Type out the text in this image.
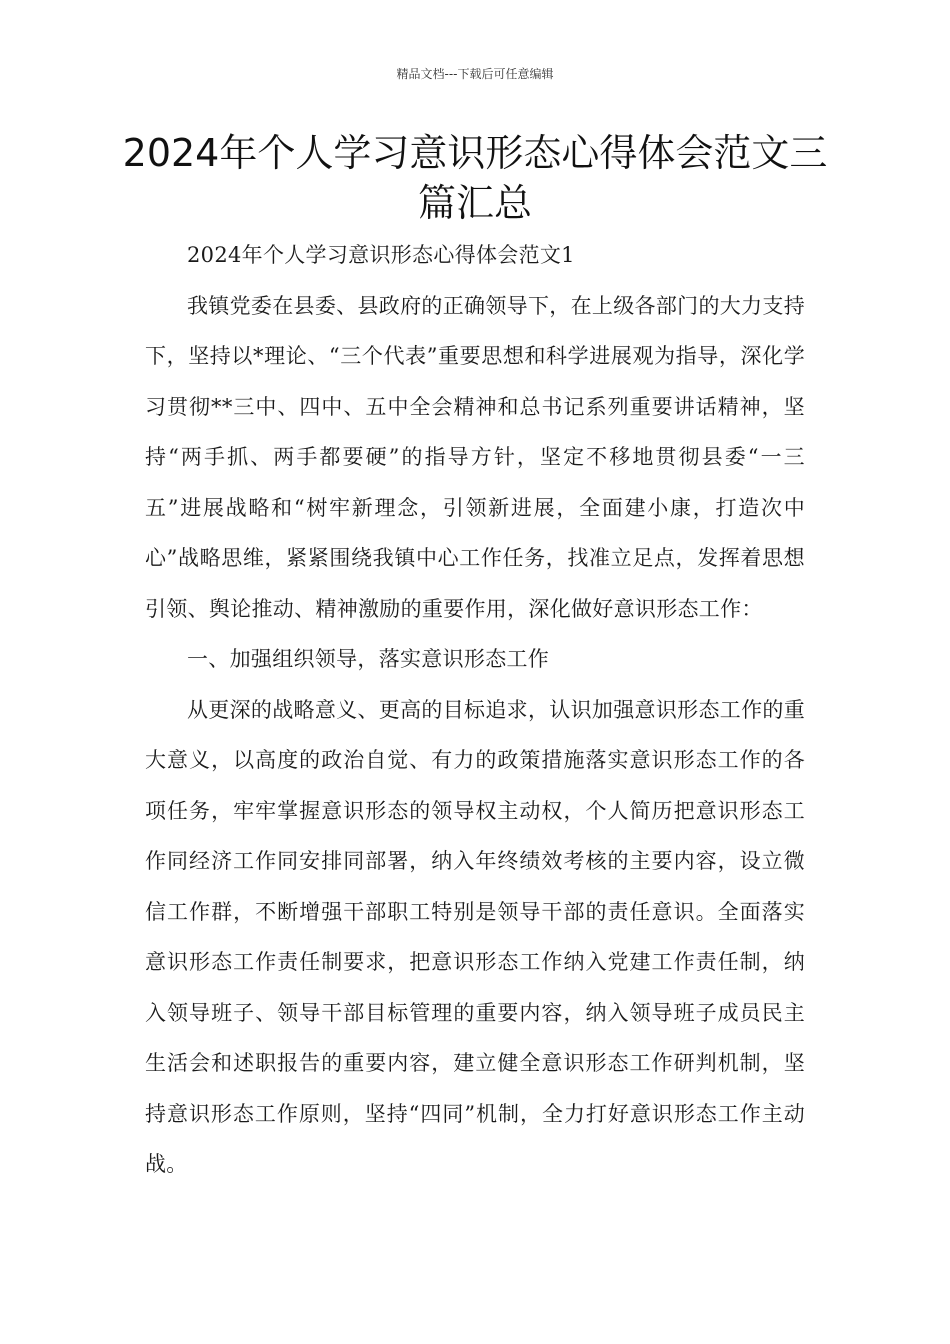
精品文档---下载后可任意编辑
2024年个人学习意识形态心得体会范文三篇汇总

2024年个人学习意识形态心得体会范文1

我镇党委在县委、县政府的正确领导下，在上级各部门的大力支持下，坚持以*理论、“三个代表”重要思想和科学进展观为指导，深化学习贯彻**三中、四中、五中全会精神和总书记系列重要讲话精神，坚持“两手抓、两手都要硬”的指导方针，坚定不移地贯彻县委“一三五”进展战略和“树牢新理念，引领新进展，全面建小康，打造次中心”战略思维，紧紧围绕我镇中心工作任务，找准立足点，发挥着思想引领、舆论推动、精神激励的重要作用，深化做好意识形态工作：

一、加强组织领导，落实意识形态工作

从更深的战略意义、更高的目标追求，认识加强意识形态工作的重大意义，以高度的政治自觉、有力的政策措施落实意识形态工作的各项任务，牢牢掌握意识形态的领导权主动权，个人简历把意识形态工作同经济工作同安排同部署，纳入年终绩效考核的主要内容，设立微信工作群，不断增强干部职工特别是领导干部的责任意识。全面落实意识形态工作责任制要求，把意识形态工作纳入党建工作责任制，纳入领导班子、领导干部目标管理的重要内容，纳入领导班子成员民主生活会和述职报告的重要内容，建立健全意识形态工作研判机制，坚持意识形态工作原则，坚持“四同”机制，全力打好意识形态工作主动战。
